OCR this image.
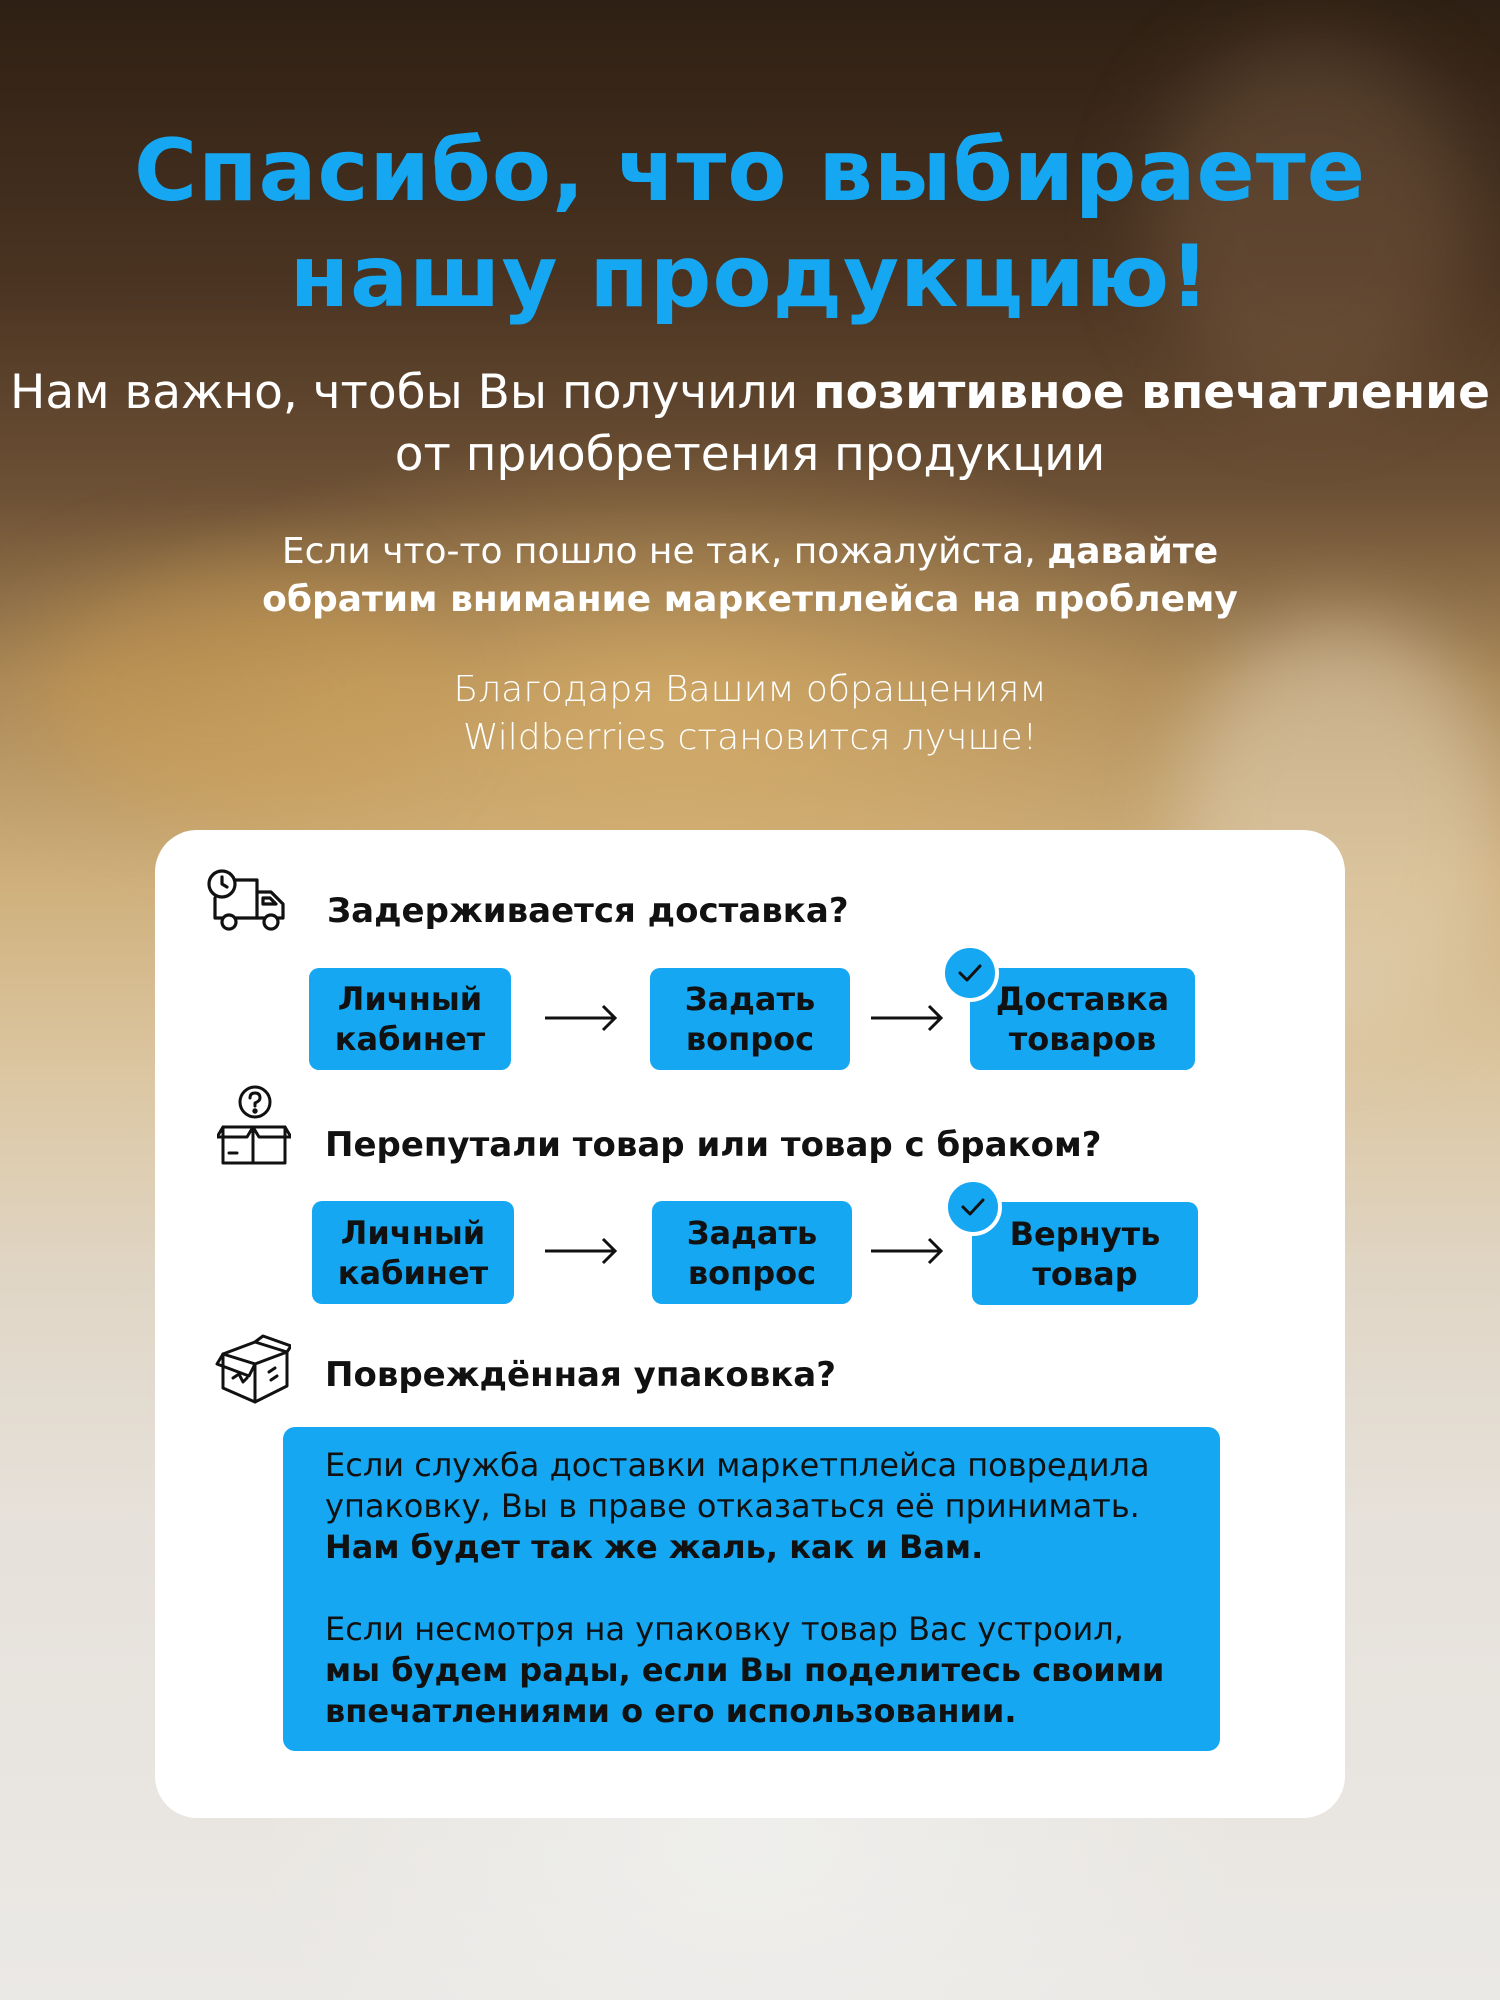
Спасибо, что выбираете
нашу продукцию!
Нам важно, чтобы Вы получили позитивное впечатление от приобретения продукции
Если что-то пошло не так, пожалуйста, давайте обратим внимание маркетплейса на проблему
Благодаря Вашим обращениям
Wildberries становится лучше!
Задерживается доставка?
Личный
кабинет
Задать
вопрос
Доставка
товаров
Перепутали товар или товар с браком?
Личный
кабинет
Задать
вопрос
Вернуть
товар
Повреждённая упаковка?

Если служба доставки маркетплейса повредила упаковку, Вы в праве отказаться её принимать.
Нам будет так же жаль, как и Вам.

Если несмотря на упаковку товар Вас устроил,
мы будем рады, если Вы поделитесь своими впечатлениями о его использовании.
